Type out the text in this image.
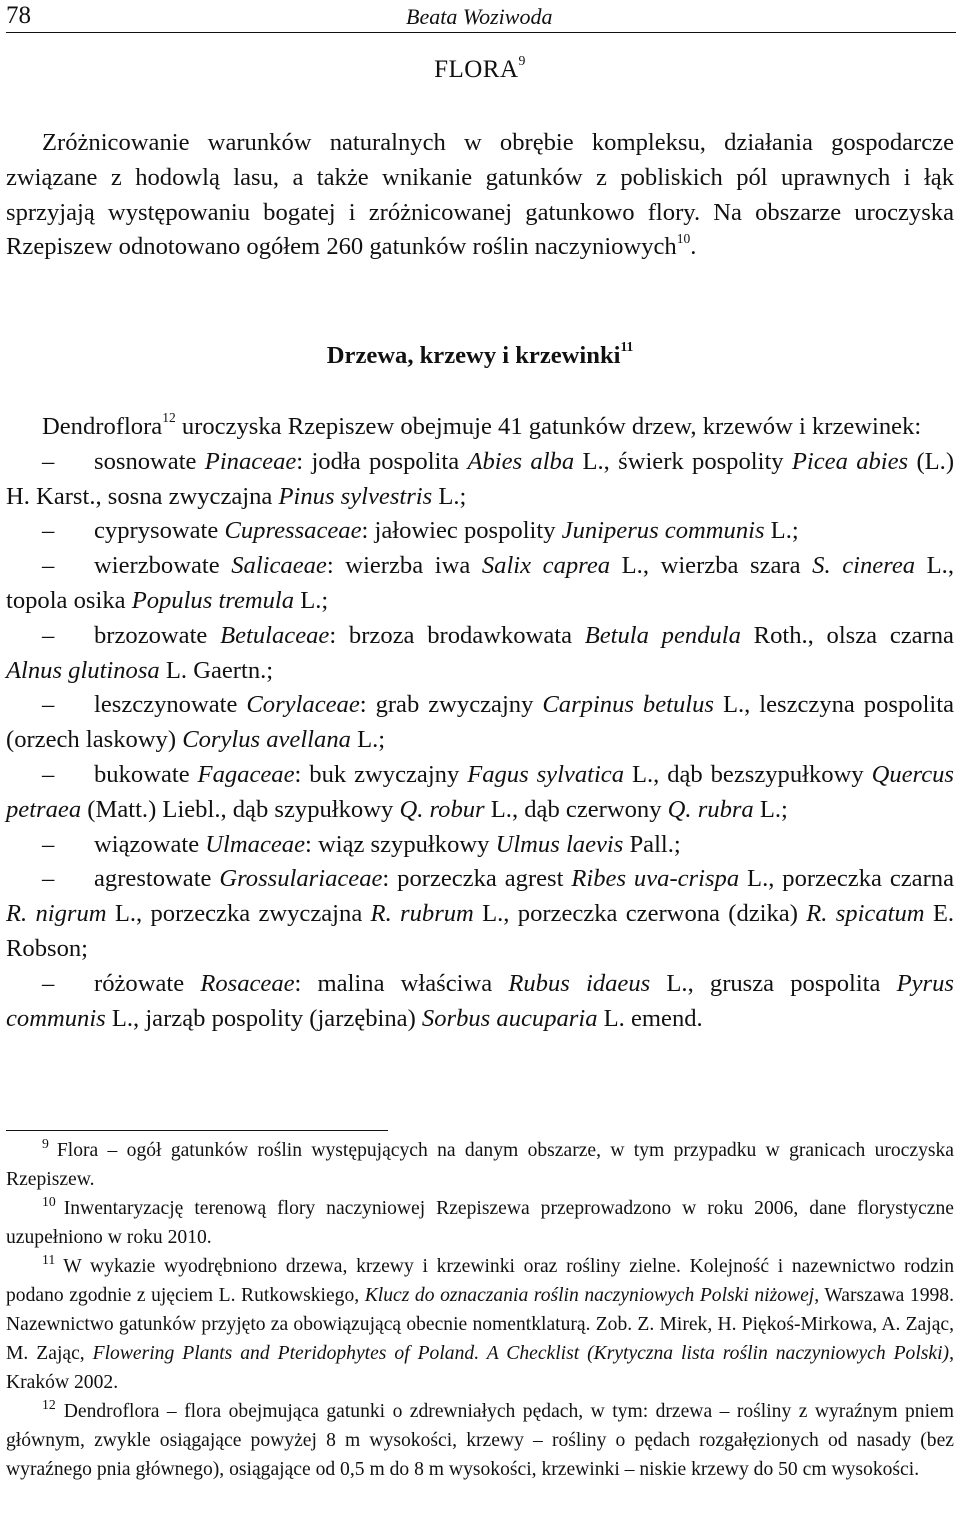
78	Beata Woziwoda
FLORA$^9$

Zróżnicowanie warunków naturalnych w obrębie kompleksu, działania gospodarcze związane z hodowlą lasu, a także wnikanie gatunków z pobliskich pól uprawnych i łąk sprzyjają występowaniu bogatej i zróżnicowanej gatunkowo flory. Na obszarze uroczyska Rzepiszew odnotowano ogółem 260 gatunków roślin naczyniowych$^{10}$.

Drzewa, krzewy i krzewinki$^{11}$

Dendroflora$^{12}$ uroczyska Rzepiszew obejmuje 41 gatunków drzew, krzewów i krzewinek:

–sosnowate Pinaceae: jodła pospolita Abies alba L., świerk pospolity Picea abies (L.) H. Karst., sosna zwyczajna Pinus sylvestris L.;
–cyprysowate Cupressaceae: jałowiec pospolity Juniperus communis L.;
–wierzbowate Salicaeae: wierzba iwa Salix caprea L., wierzba szara S. cinerea L., topola osika Populus tremula L.;
–brzozowate Betulaceae: brzoza brodawkowata Betula pendula Roth., olsza czarna Alnus glutinosa L. Gaertn.;
–leszczynowate Corylaceae: grab zwyczajny Carpinus betulus L., leszczyna pospolita (orzech laskowy) Corylus avellana L.;
–bukowate Fagaceae: buk zwyczajny Fagus sylvatica L., dąb bezszypułkowy Quercus petraea (Matt.) Liebl., dąb szypułkowy Q. robur L., dąb czerwony Q. rubra L.;
–wiązowate Ulmaceae: wiąz szypułkowy Ulmus laevis Pall.;
–agrestowate Grossulariaceae: porzeczka agrest Ribes uva-crispa L., porzeczka czarna R. nigrum L., porzeczka zwyczajna R. rubrum L., porzeczka czerwona (dzika) R. spicatum E. Robson;
–różowate Rosaceae: malina właściwa Rubus idaeus L., grusza pospolita Pyrus communis L., jarząb pospolity (jarzębina) Sorbus aucuparia L. emend.

$^9$ Flora – ogół gatunków roślin występujących na danym obszarze, w tym przypadku w granicach uroczyska Rzepiszew.

$^{10}$ Inwentaryzację terenową flory naczyniowej Rzepiszewa przeprowadzono w roku 2006, dane florystyczne uzupełniono w roku 2010.

$^{11}$ W wykazie wyodrębniono drzewa, krzewy i krzewinki oraz rośliny zielne. Kolejność i nazewnictwo rodzin podano zgodnie z ujęciem L. Rutkowskiego, Klucz do oznaczania roślin naczyniowych Polski niżowej, Warszawa 1998. Nazewnictwo gatunków przyjęto za obowiązującą obecnie nomentklaturą. Zob. Z. Mirek, H. Piękoś-Mirkowa, A. Zając, M. Zając, Flowering Plants and Pteridophytes of Poland. A Checklist (Krytyczna lista roślin naczyniowych Polski), Kraków 2002.

$^{12}$ Dendroflora – flora obejmująca gatunki o zdrewniałych pędach, w tym: drzewa – rośliny z wyraźnym pniem głównym, zwykle osiągające powyżej 8 m wysokości, krzewy – rośliny o pędach rozgałęzionych od nasady (bez wyraźnego pnia głównego), osiągające od 0,5 m do 8 m wysokości, krzewinki – niskie krzewy do 50 cm wysokości.
